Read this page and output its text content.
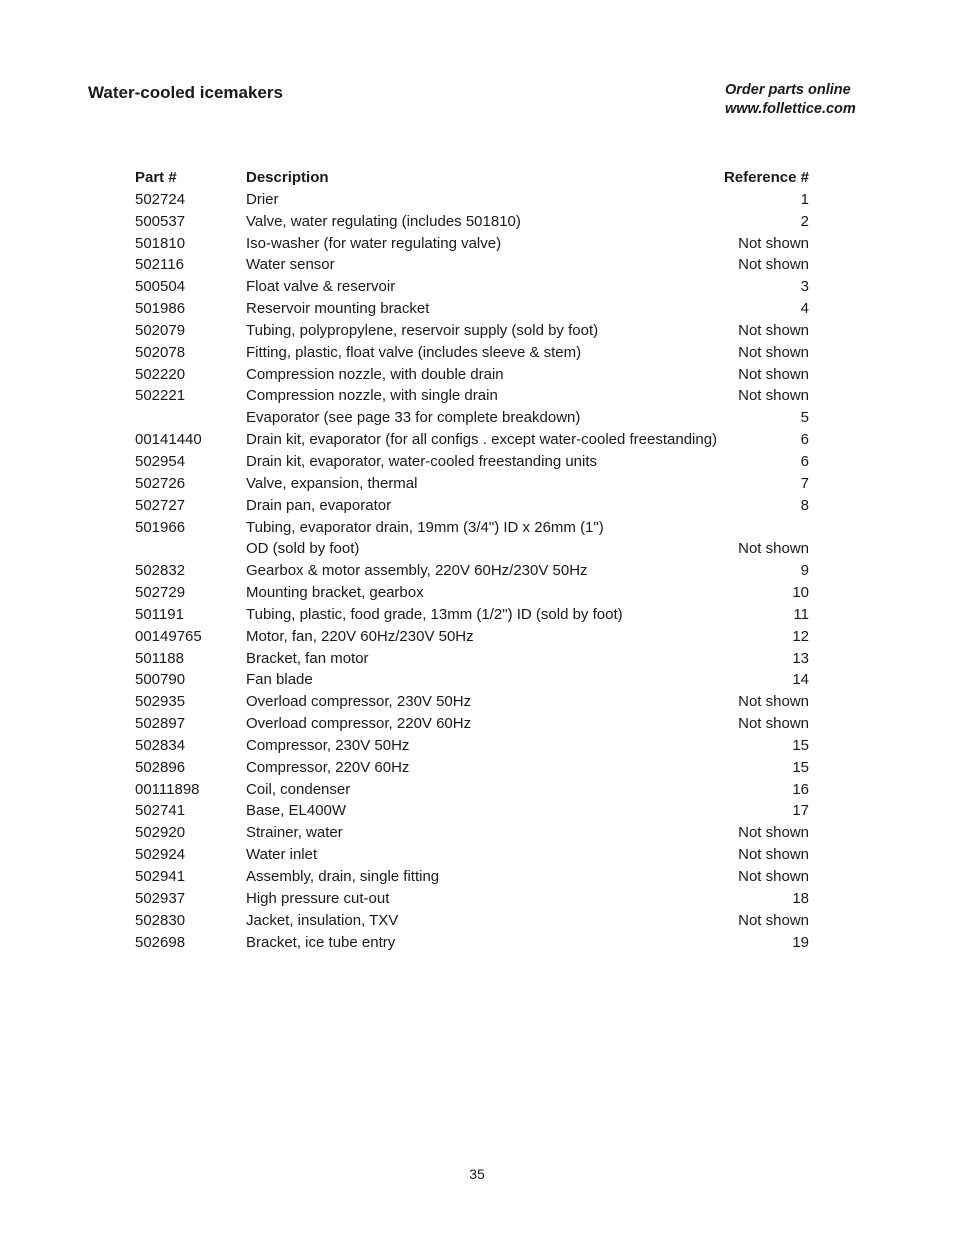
Water-cooled icemakers	Order parts online
www.follettice.com
Part #	Description	Reference #
502724	Drier	1
500537	Valve, water regulating (includes 501810)	2
501810	Iso-washer (for water regulating valve)	Not shown
502116	Water sensor	Not shown
500504	Float valve & reservoir	3
501986	Reservoir mounting bracket	4
502079	Tubing, polypropylene, reservoir supply (sold by foot)	Not shown
502078	Fitting, plastic, float valve (includes sleeve & stem)	Not shown
502220	Compression nozzle, with double drain	Not shown
502221	Compression nozzle, with single drain	Not shown
	Evaporator (see page 33 for complete breakdown)	5
00141440	Drain kit, evaporator (for all configs . except water-cooled freestanding)	6
502954	Drain kit, evaporator, water-cooled freestanding units	6
502726	Valve, expansion, thermal	7
502727	Drain pan, evaporator	8
501966	Tubing, evaporator drain, 19mm (3/4") ID x 26mm (1")	
	OD (sold by foot)	Not shown
502832	Gearbox & motor assembly, 220V 60Hz/230V 50Hz	9
502729	Mounting bracket, gearbox	10
501191	Tubing, plastic, food grade, 13mm (1/2") ID (sold by foot)	11
00149765	Motor, fan, 220V 60Hz/230V 50Hz	12
501188	Bracket, fan motor	13
500790	Fan blade	14
502935	Overload compressor, 230V 50Hz	Not shown
502897	Overload compressor, 220V 60Hz	Not shown
502834	Compressor, 230V 50Hz	15
502896	Compressor, 220V 60Hz	15
00111898	Coil, condenser	16
502741	Base, EL400W	17
502920	Strainer, water	Not shown
502924	Water inlet	Not shown
502941	Assembly, drain, single fitting	Not shown
502937	High pressure cut-out	18
502830	Jacket, insulation, TXV	Not shown
502698	Bracket, ice tube entry	19
35
